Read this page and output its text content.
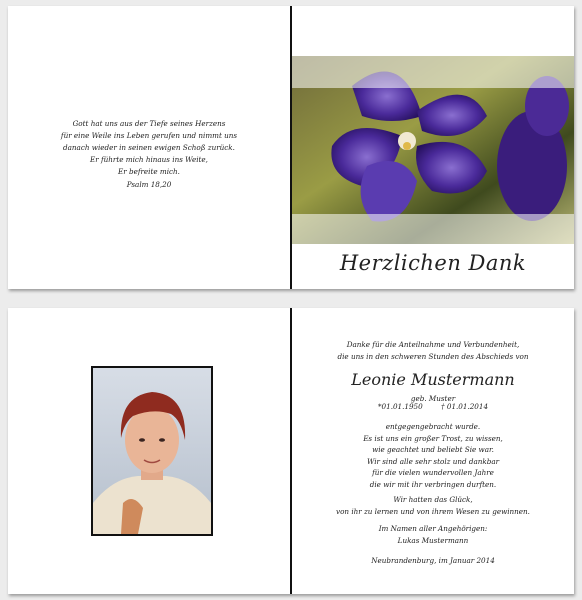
Gott hat uns aus der Tiefe seines Herzens
für eine Weile ins Leben gerufen und nimmt uns
danach wieder in seinen ewigen Schoß zurück.
Er führte mich hinaus ins Weite,
Er befreite mich.
Psalm 18,20
Herzlichen Dank
Danke für die Anteilnahme und Verbundenheit,
die uns in den schweren Stunden des Abschieds von
Leonie Mustermann
geb. Muster
*01.01.1950	† 01.01.2014
entgegengebracht wurde.
Es ist uns ein großer Trost, zu wissen,
wie geachtet und beliebt Sie war.
Wir sind alle sehr stolz und dankbar
für die vielen wundervollen Jahre
die wir mit ihr verbringen durften.
Wir hatten das Glück,
von ihr zu lernen und von ihrem Wesen zu gewinnen.
Im Namen aller Angehörigen:
Lukas Mustermann
Neubrandenburg, im Januar 2014
